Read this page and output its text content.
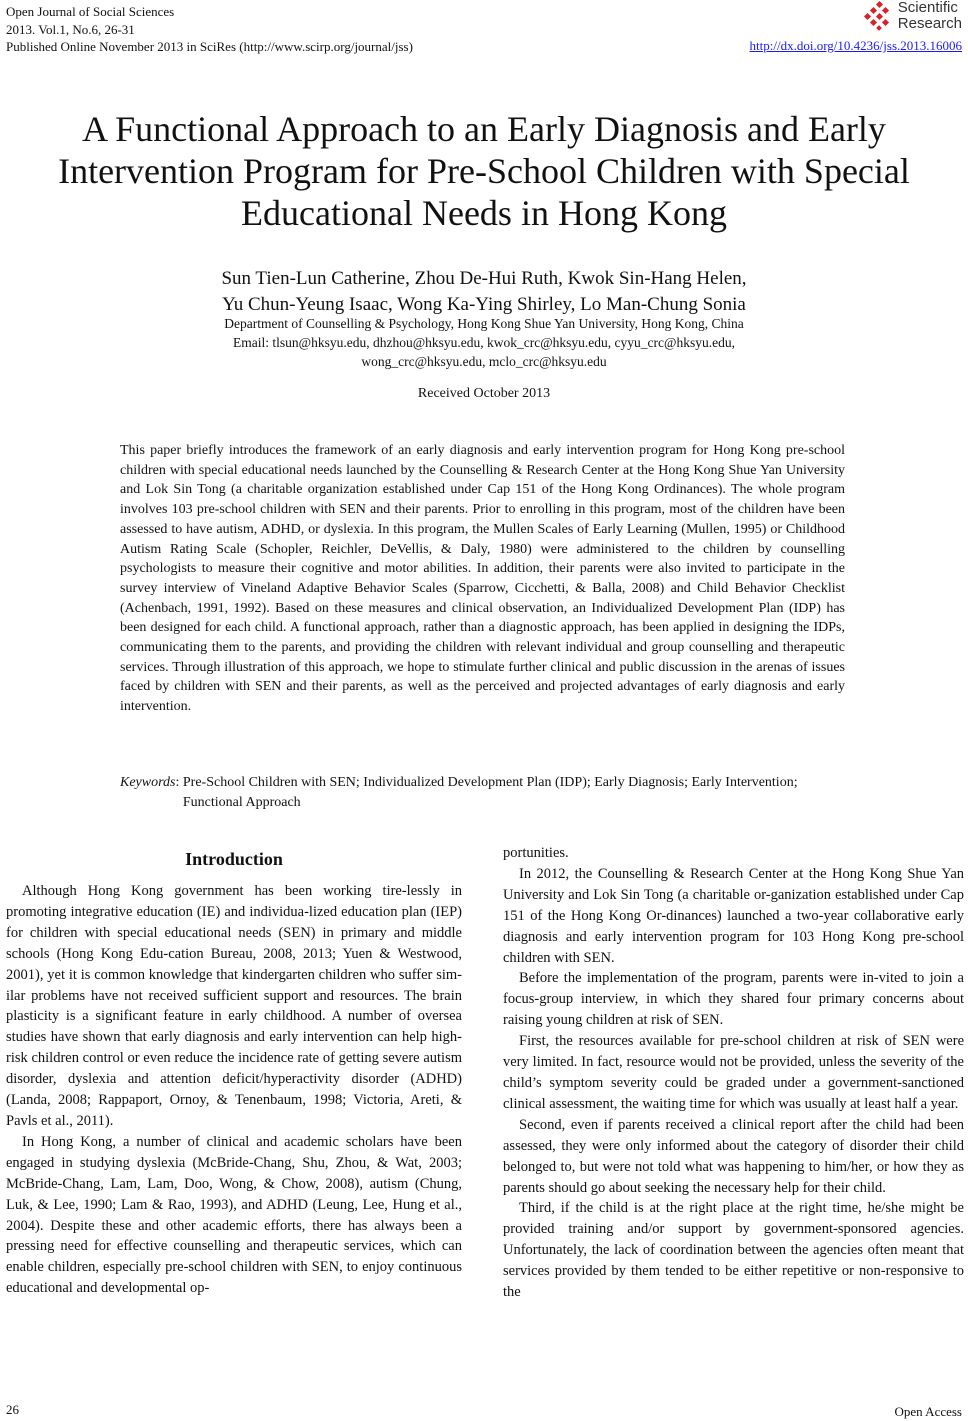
Open Journal of Social Sciences
2013. Vol.1, No.6, 26-31
Published Online November 2013 in SciRes (http://www.scirp.org/journal/jss)
Scientific
Research
http://dx.doi.org/10.4236/jss.2013.16006
A Functional Approach to an Early Diagnosis and Early Intervention Program for Pre-School Children with Special Educational Needs in Hong Kong
Sun Tien-Lun Catherine, Zhou De-Hui Ruth, Kwok Sin-Hang Helen,
Yu Chun-Yeung Isaac, Wong Ka-Ying Shirley, Lo Man-Chung Sonia
Department of Counselling & Psychology, Hong Kong Shue Yan University, Hong Kong, China
Email: tlsun@hksyu.edu, dhzhou@hksyu.edu, kwok_crc@hksyu.edu, cyyu_crc@hksyu.edu,
wong_crc@hksyu.edu, mclo_crc@hksyu.edu
Received October 2013
This paper briefly introduces the framework of an early diagnosis and early intervention program for Hong Kong pre-school children with special educational needs launched by the Counselling & Research Center at the Hong Kong Shue Yan University and Lok Sin Tong (a charitable organization established under Cap 151 of the Hong Kong Ordinances). The whole program involves 103 pre-school children with SEN and their parents. Prior to enrolling in this program, most of the children have been assessed to have autism, ADHD, or dyslexia. In this program, the Mullen Scales of Early Learning (Mullen, 1995) or Childhood Autism Rating Scale (Schopler, Reichler, DeVellis, & Daly, 1980) were administered to the children by counselling psychologists to measure their cognitive and motor abilities. In addition, their parents were also invited to participate in the survey interview of Vineland Adaptive Behavior Scales (Sparrow, Cicchetti, & Balla, 2008) and Child Behavior Checklist (Achenbach, 1991, 1992). Based on these measures and clinical observation, an Individualized Development Plan (IDP) has been designed for each child. A functional approach, rather than a diagnostic approach, has been applied in designing the IDPs, communicating them to the parents, and providing the children with relevant individual and group counselling and therapeutic services. Through illustration of this approach, we hope to stimulate further clinical and public discussion in the arenas of issues faced by children with SEN and their parents, as well as the perceived and projected advantages of early diagnosis and early intervention.
Keywords: Pre-School Children with SEN; Individualized Development Plan (IDP); Early Diagnosis; Early Intervention; Functional Approach
Introduction

Although Hong Kong government has been working tire-lessly in promoting integrative education (IE) and individua-lized education plan (IEP) for children with special educational needs (SEN) in primary and middle schools (Hong Kong Edu-cation Bureau, 2008, 2013; Yuen & Westwood, 2001), yet it is common knowledge that kindergarten children who suffer sim-ilar problems have not received sufficient support and resources. The brain plasticity is a significant feature in early childhood. A number of oversea studies have shown that early diagnosis and early intervention can help high-risk children control or even reduce the incidence rate of getting severe autism disorder, dyslexia and attention deficit/hyperactivity disorder (ADHD) (Landa, 2008; Rappaport, Ornoy, & Tenenbaum, 1998; Victoria, Areti, & Pavls et al., 2011).

In Hong Kong, a number of clinical and academic scholars have been engaged in studying dyslexia (McBride-Chang, Shu, Zhou, & Wat, 2003; McBride-Chang, Lam, Lam, Doo, Wong, & Chow, 2008), autism (Chung, Luk, & Lee, 1990; Lam & Rao, 1993), and ADHD (Leung, Lee, Hung et al., 2004). Despite these and other academic efforts, there has always been a pressing need for effective counselling and therapeutic services, which can enable children, especially pre-school children with SEN, to enjoy continuous educational and developmental op-

portunities.

In 2012, the Counselling & Research Center at the Hong Kong Shue Yan University and Lok Sin Tong (a charitable or-ganization established under Cap 151 of the Hong Kong Or-dinances) launched a two-year collaborative early diagnosis and early intervention program for 103 Hong Kong pre-school children with SEN.

Before the implementation of the program, parents were in-vited to join a focus-group interview, in which they shared four primary concerns about raising young children at risk of SEN.

First, the resources available for pre-school children at risk of SEN were very limited. In fact, resource would not be provided, unless the severity of the child’s symptom severity could be graded under a government-sanctioned clinical assessment, the waiting time for which was usually at least half a year.

Second, even if parents received a clinical report after the child had been assessed, they were only informed about the category of disorder their child belonged to, but were not told what was happening to him/her, or how they as parents should go about seeking the necessary help for their child.

Third, if the child is at the right place at the right time, he/she might be provided training and/or support by government-sponsored agencies. Unfortunately, the lack of coordination between the agencies often meant that services provided by them tended to be either repetitive or non-responsive to the

26	Open Access
